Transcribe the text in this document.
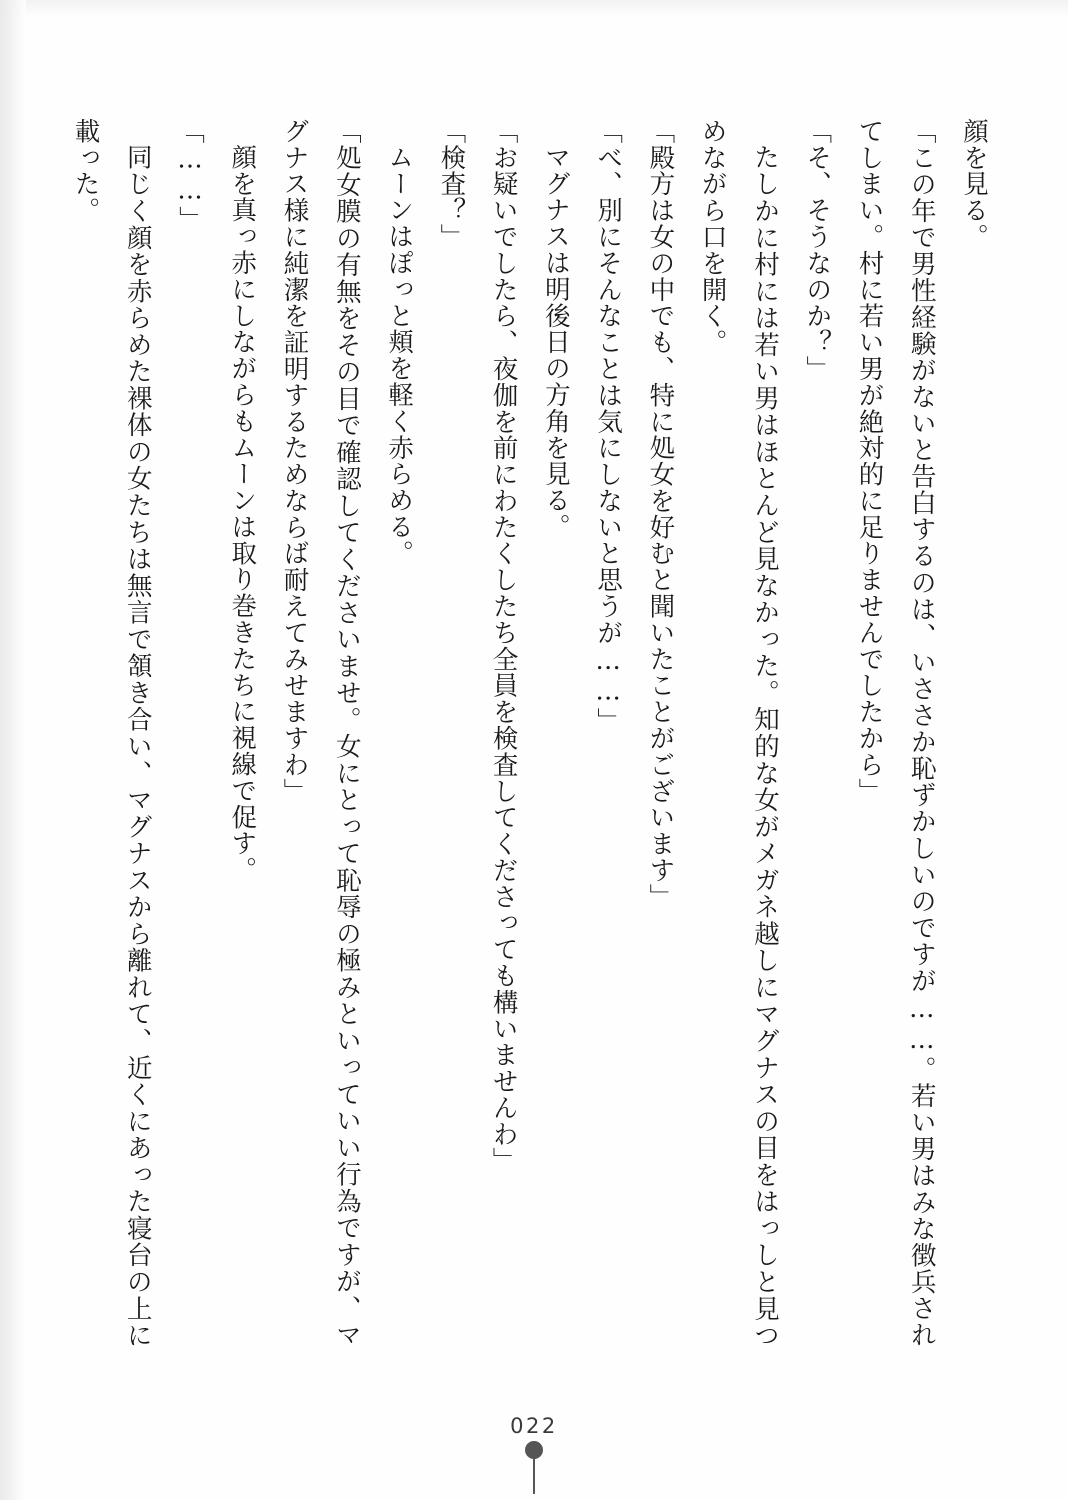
顔を見る。

「この年で男性経験がないと告白するのは、いささか恥ずかしいのですが……。若い男はみな徴兵されてしまい。村に若い男が絶対的に足りませんでしたから」

「そ、そうなのか？」

たしかに村には若い男はほとんど見なかった。知的な女がメガネ越しにマグナスの目をはっしと見つめながら口を開く。

「殿方は女の中でも、特に処女を好むと聞いたことがございます」

「べ、別にそんなことは気にしないと思うが……」

マグナスは明後日の方角を見る。

「お疑いでしたら、夜伽を前にわたくしたち全員を検査してくださっても構いませんわ」

「検査？」

ムーンはぽっと頬を軽く赤らめる。

「処女膜の有無をその目で確認してくださいませ。女にとって恥辱の極みといっていい行為ですが、マグナス様に純潔を証明するためならば耐えてみせますわ」

顔を真っ赤にしながらもムーンは取り巻きたちに視線で促す。

「……」

同じく顔を赤らめた裸体の女たちは無言で頷き合い、マグナスから離れて、近くにあった寝台の上に載った。

022
